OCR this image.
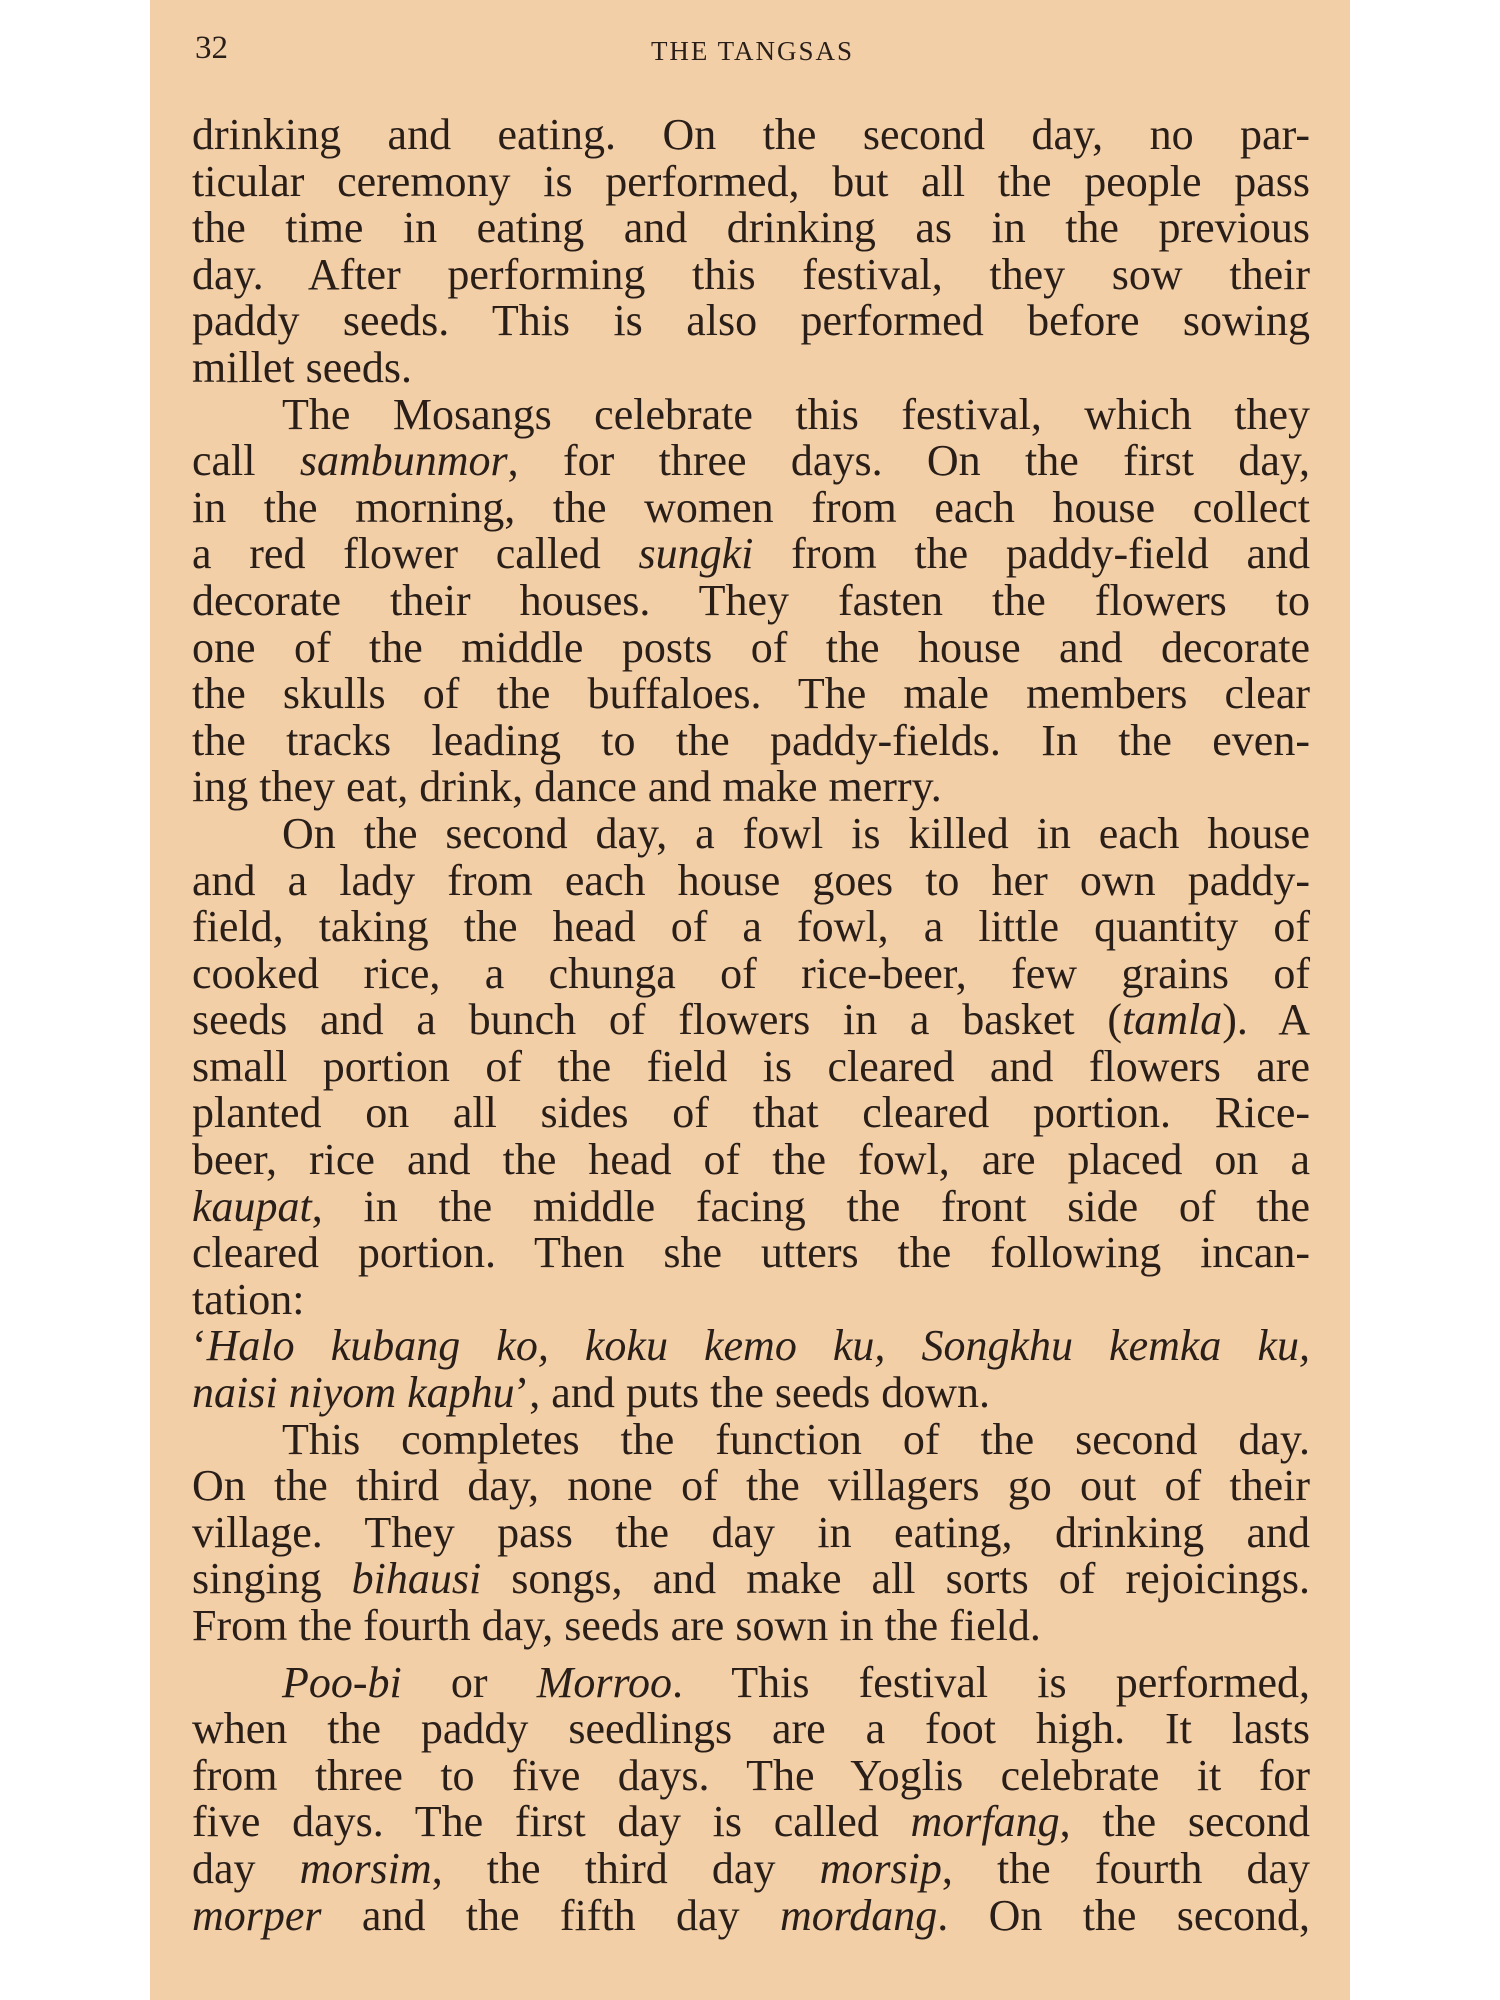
32	THE TANGSAS
drinking and eating. On the second day, no par-
ticular ceremony is performed, but all the people pass
the time in eating and drinking as in the previous
day. After performing this festival, they sow their
paddy seeds. This is also performed before sowing
millet seeds.
The Mosangs celebrate this festival, which they
call sambunmor, for three days. On the first day,
in the morning, the women from each house collect
a red flower called sungki from the paddy-field and
decorate their houses. They fasten the flowers to
one of the middle posts of the house and decorate
the skulls of the buffaloes. The male members clear
the tracks leading to the paddy-fields. In the even-
ing they eat, drink, dance and make merry.
On the second day, a fowl is killed in each house
and a lady from each house goes to her own paddy-
field, taking the head of a fowl, a little quantity of
cooked rice, a chunga of rice-beer, few grains of
seeds and a bunch of flowers in a basket (tamla). A
small portion of the field is cleared and flowers are
planted on all sides of that cleared portion. Rice-
beer, rice and the head of the fowl, are placed on a
kaupat, in the middle facing the front side of the
cleared portion. Then she utters the following incan-
tation:
‘Halo kubang ko, koku kemo ku, Songkhu kemka ku,
naisi niyom kaphu’, and puts the seeds down.
This completes the function of the second day.
On the third day, none of the villagers go out of their
village. They pass the day in eating, drinking and
singing bihausi songs, and make all sorts of rejoicings.
From the fourth day, seeds are sown in the field.
Poo-bi or Morroo. This festival is performed,
when the paddy seedlings are a foot high. It lasts
from three to five days. The Yoglis celebrate it for
five days. The first day is called morfang, the second
day morsim, the third day morsip, the fourth day
morper and the fifth day mordang. On the second,
